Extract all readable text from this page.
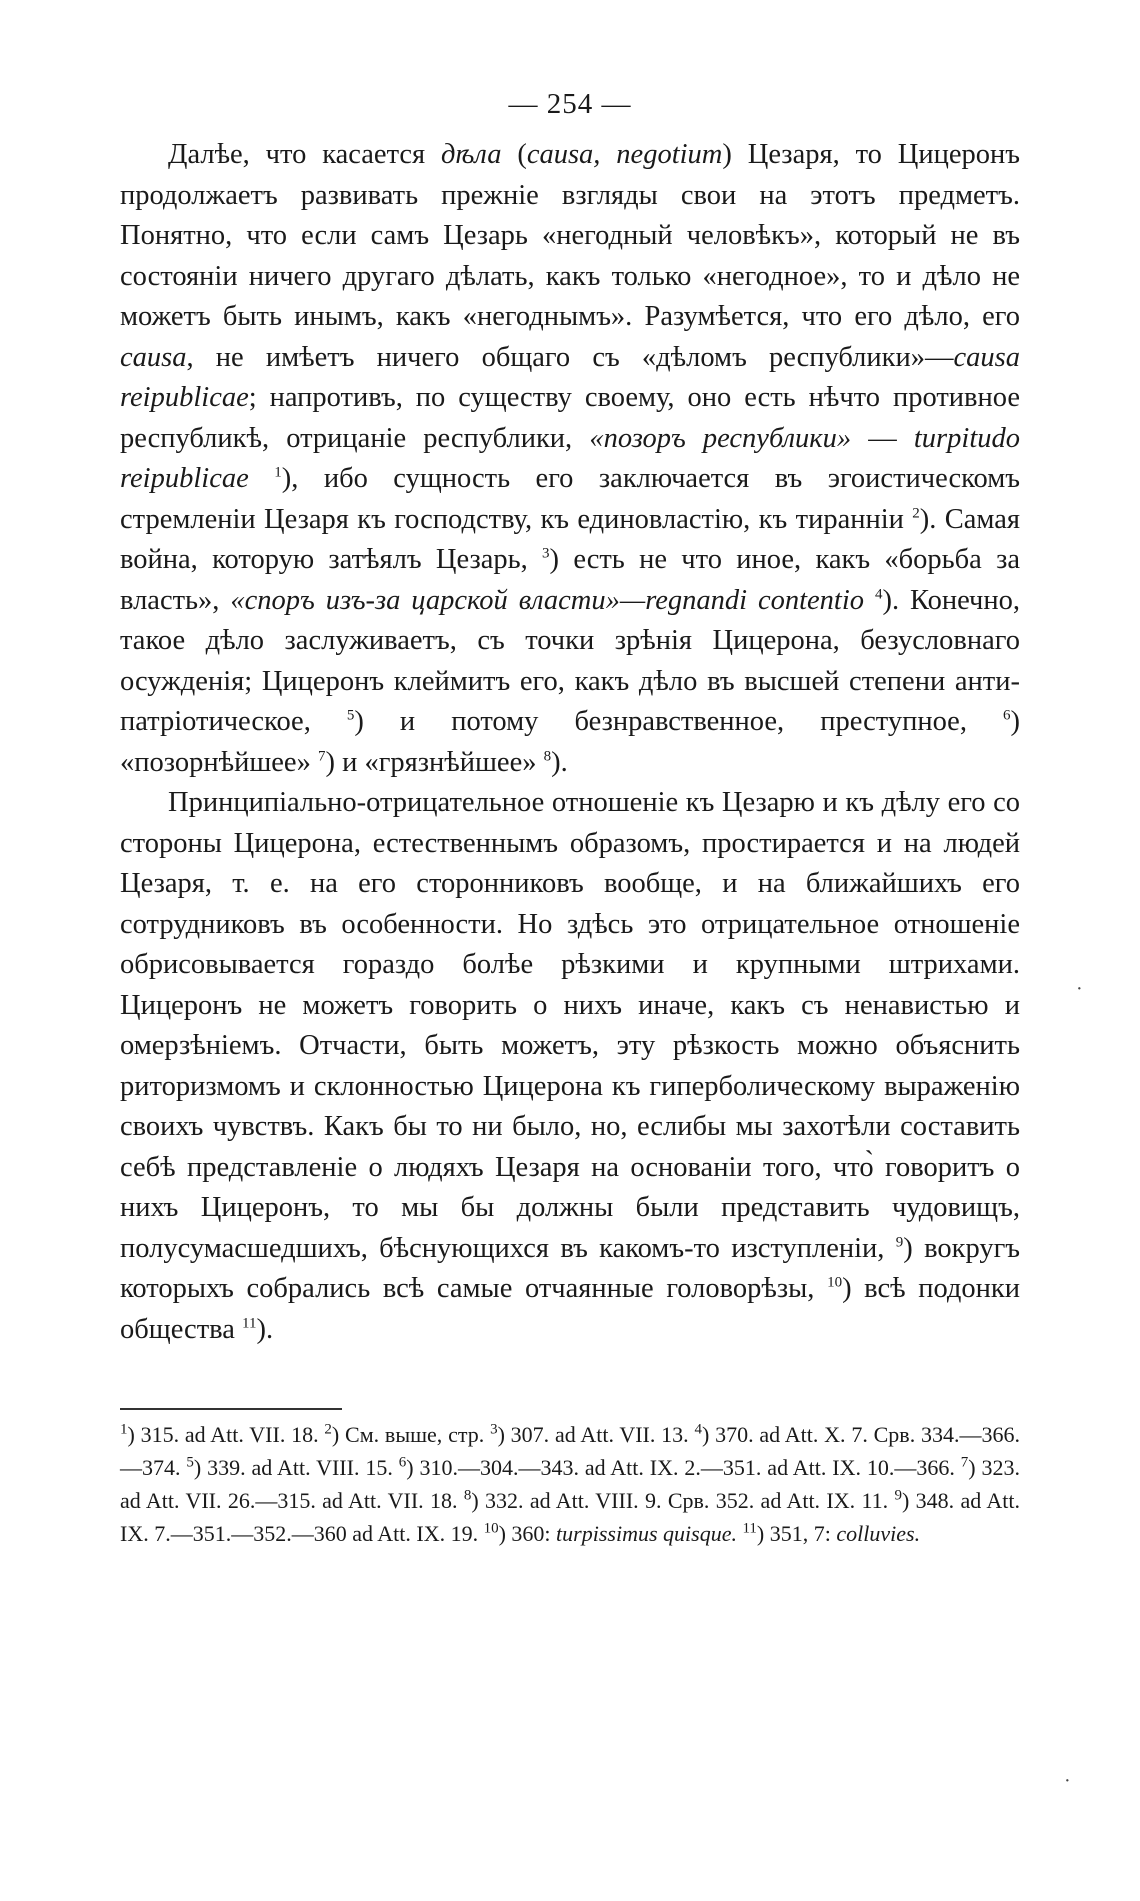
— 254 —

Далѣе, что касается дѣла (causa, negotium) Цезаря, то Цицеронъ продолжаетъ развивать прежніе взгляды свои на этотъ предметъ. Понятно, что если самъ Цезарь «негодный человѣкъ», который не въ состояніи ничего другаго дѣлать, какъ только «негодное», то и дѣло не можетъ быть инымъ, какъ «негоднымъ». Разумѣется, что его дѣло, его causa, не имѣетъ ничего общаго съ «дѣломъ республики»—causa reipublicae; напротивъ, по существу своему, оно есть нѣчто противное республикѣ, отрицаніе республики, «позоръ республики» — turpitudo reipublicae $^1$), ибо сущность его заключается въ эгоистическомъ стремленіи Цезаря къ господству, къ единовластію, къ тиранніи $^2$). Самая война, которую затѣялъ Цезарь, $^3$) есть не что иное, какъ «борьба за власть», «споръ изъ-за царской власти»—regnandi contentio $^4$). Конечно, такое дѣло заслуживаетъ, съ точки зрѣнія Цицерона, безусловнаго осужденія; Цицеронъ клеймитъ его, какъ дѣло въ высшей степени анти-патріотическое, $^5$) и потому безнравственное, преступное, $^6$) «позорнѣйшее» $^7$) и «грязнѣйшее» $^8$).

Принципіально-отрицательное отношеніе къ Цезарю и къ дѣлу его со стороны Цицерона, естественнымъ образомъ, простирается и на людей Цезаря, т. е. на его сторонниковъ вообще, и на ближайшихъ его сотрудниковъ въ особенности. Но здѣсь это отрицательное отношеніе обрисовывается гораздо болѣе рѣзкими и крупными штрихами. Цицеронъ не можетъ говорить о нихъ иначе, какъ съ ненавистью и омерзѣніемъ. Отчасти, быть можетъ, эту рѣзкость можно объяснить риторизмомъ и склонностью Цицерона къ гиперболическому выраженію своихъ чувствъ. Какъ бы то ни было, но, еслибы мы захотѣли составить себѣ представленіе о людяхъ Цезаря на основаніи того, что̀ говоритъ о нихъ Цицеронъ, то мы бы должны были представить чудовищъ, полусумасшедшихъ, бѣснующихся въ какомъ-то изступленіи, $^9$) вокругъ которыхъ собрались всѣ самые отчаянные головорѣзы, $^{10}$) всѣ подонки общества $^{11}$).

$^1$) 315. ad Att. VII. 18. $^2$) См. выше, стр. $^3$) 307. ad Att. VII. 13. $^4$) 370. ad Att. X. 7. Срв. 334.—366.—374. $^5$) 339. ad Att. VIII. 15. $^6$) 310.—304.—343. ad Att. IX. 2.—351. ad Att. IX. 10.—366. $^7$) 323. ad Att. VII. 26.—315. ad Att. VII. 18. $^8$) 332. ad Att. VIII. 9. Срв. 352. ad Att. IX. 11. $^9$) 348. ad Att. IX. 7.—351.—352.—360 ad Att. IX. 19. $^{10}$) 360: turpissimus quisque. $^{11}$) 351, 7: colluvies.
·
·
